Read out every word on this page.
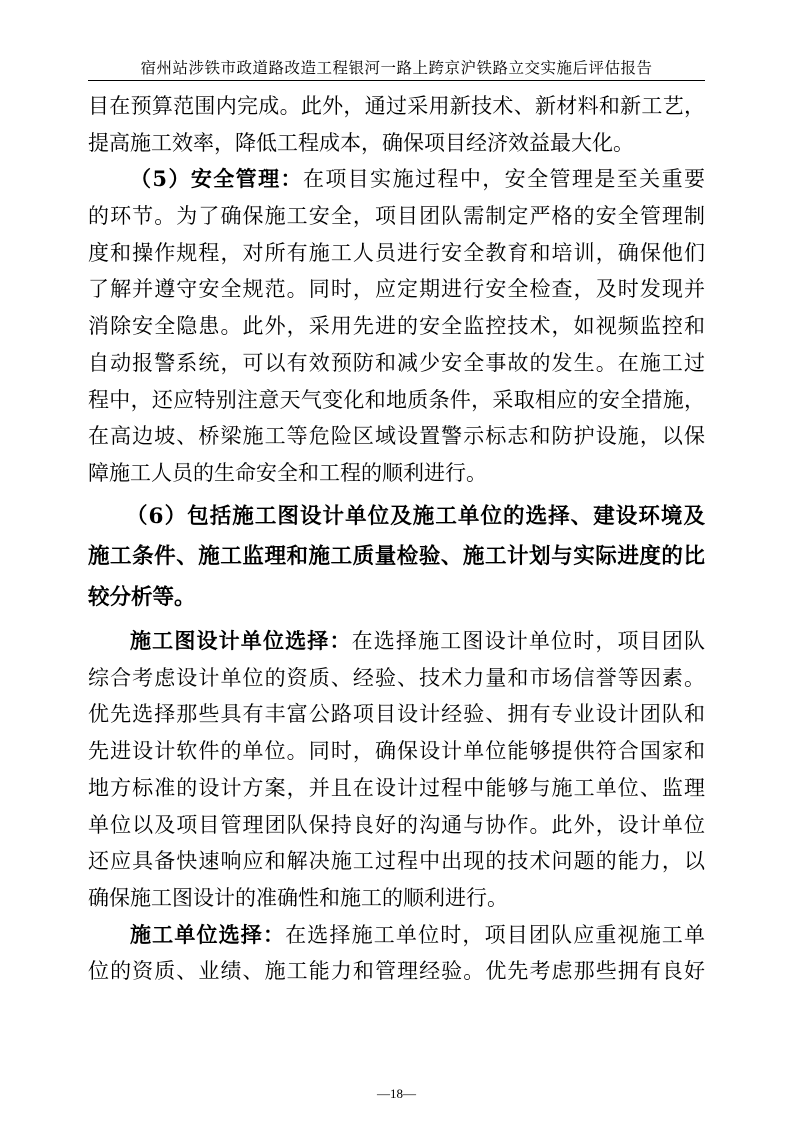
宿州站涉铁市政道路改造工程银河一路上跨京沪铁路立交实施后评估报告
目在预算范围内完成。此外，通过采用新技术、新材料和新工艺，
提高施工效率，降低工程成本，确保项目经济效益最大化。
（5）安全管理：在项目实施过程中，安全管理是至关重要
的环节。为了确保施工安全，项目团队需制定严格的安全管理制
度和操作规程，对所有施工人员进行安全教育和培训，确保他们
了解并遵守安全规范。同时，应定期进行安全检查，及时发现并
消除安全隐患。此外，采用先进的安全监控技术，如视频监控和
自动报警系统，可以有效预防和减少安全事故的发生。在施工过
程中，还应特别注意天气变化和地质条件，采取相应的安全措施，
在高边坡、桥梁施工等危险区域设置警示标志和防护设施，以保
障施工人员的生命安全和工程的顺利进行。
（6）包括施工图设计单位及施工单位的选择、建设环境及
施工条件、施工监理和施工质量检验、施工计划与实际进度的比
较分析等。
施工图设计单位选择：在选择施工图设计单位时，项目团队
综合考虑设计单位的资质、经验、技术力量和市场信誉等因素。
优先选择那些具有丰富公路项目设计经验、拥有专业设计团队和
先进设计软件的单位。同时，确保设计单位能够提供符合国家和
地方标准的设计方案，并且在设计过程中能够与施工单位、监理
单位以及项目管理团队保持良好的沟通与协作。此外，设计单位
还应具备快速响应和解决施工过程中出现的技术问题的能力，以
确保施工图设计的准确性和施工的顺利进行。
施工单位选择：在选择施工单位时，项目团队应重视施工单
位的资质、业绩、施工能力和管理经验。优先考虑那些拥有良好
—18—
